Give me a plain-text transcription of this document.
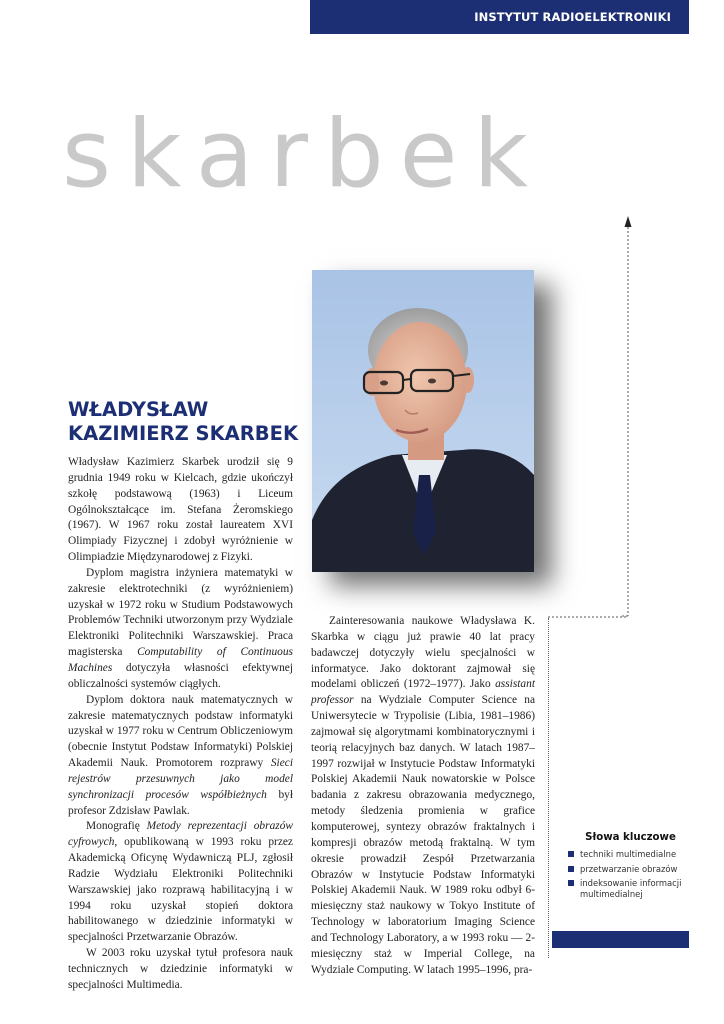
INSTYTUT RADIOELEKTRONIKI
skarbek
WŁADYSŁAW
KAZIMIERZ SKARBEK

Władysław Kazimierz Skarbek urodził się 9 grudnia 1949 roku w Kielcach, gdzie ukończył szkołę podstawową (1963) i Liceum Ogólnokształcące im. Stefana Żeromskiego (1967). W 1967 roku został laureatem XVI Olimpiady Fizycznej i zdobył wyróżnienie w Olimpiadzie Międzynarodowej z Fizyki.

Dyplom magistra inżyniera matematyki w zakresie elektrotechniki (z wyróżnieniem) uzyskał w 1972 roku w Studium Podstawowych Problemów Techniki utworzonym przy Wydziale Elektroniki Politechniki Warszawskiej. Praca magisterska Computability of Continuous Machines dotyczyła własności efektywnej obliczalności systemów ciągłych.

Dyplom doktora nauk matematycznych w zakresie matematycznych podstaw informatyki uzyskał w 1977 roku w Centrum Obliczeniowym (obecnie Instytut Podstaw Informatyki) Polskiej Akademii Nauk. Promotorem rozprawy Sieci rejestrów przesuwnych jako model synchronizacji procesów współbieżnych był profesor Zdzisław Pawlak.

Monografię Metody reprezentacji obrazów cyfrowych, opublikowaną w 1993 roku przez Akademicką Oficynę Wydawniczą PLJ, zgłosił Radzie Wydziału Elektroniki Politechniki Warszawskiej jako rozprawą habilitacyjną i w 1994 roku uzyskał stopień doktora habilitowanego w dziedzinie informatyki w specjalności Przetwarzanie Obrazów.

W 2003 roku uzyskał tytuł profesora nauk technicznych w dziedzinie informatyki w specjalności Multimedia.

Zainteresowania naukowe Władysława K. Skarbka w ciągu już prawie 40 lat pracy badawczej dotyczyły wielu specjalności w informatyce. Jako doktorant zajmował się modelami obliczeń (1972–1977). Jako assistant professor na Wydziale Computer Science na Uniwersytecie w Trypolisie (Libia, 1981–1986) zajmował się algorytmami kombinatorycznymi i teorią relacyjnych baz danych. W latach 1987–1997 rozwijał w Instytucie Podstaw Informatyki Polskiej Akademii Nauk nowatorskie w Polsce badania z zakresu obrazowania medycznego, metody śledzenia promienia w grafice komputerowej, syntezy obrazów fraktalnych i kompresji obrazów metodą fraktalną. W tym okresie prowadził Zespół Przetwarzania Obrazów w Instytucie Podstaw Informatyki Polskiej Akademii Nauk. W 1989 roku odbył 6-miesięczny staż naukowy w Tokyo Institute of Technology w laboratorium Imaging Science and Technology Laboratory, a w 1993 roku — 2-miesięczny staż w Imperial College, na Wydziale Computing. W latach 1995–1996, pra-

Słowa kluczowe
techniki multimedialne
przetwarzanie obrazów
indeksowanie informacji multimedialnej
